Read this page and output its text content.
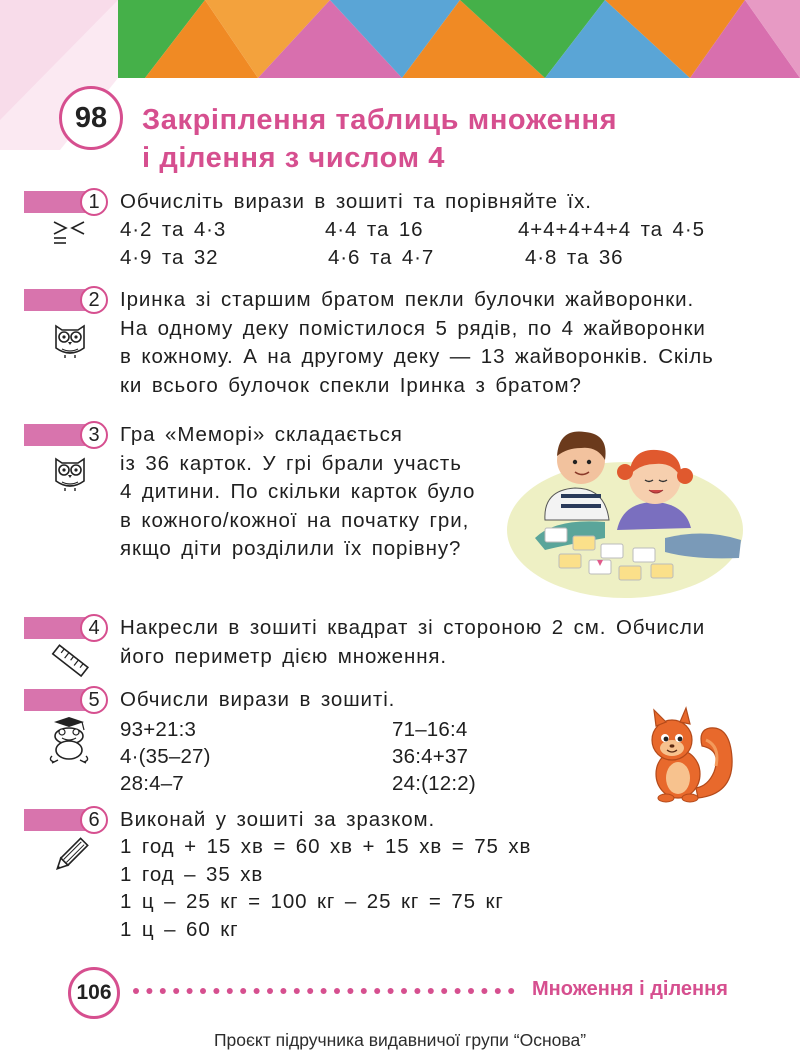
98	Закріплення таблиць множення
і ділення з числом 4
1 Обчисліть вирази в зошиті та порівняйте їх.
4·2 та 4·3	4·4 та 16	4+4+4+4+4 та 4·5
4·9 та 32	4·6 та 4·7	4·8 та 36
2 Іринка зі старшим братом пекли булочки жайворонки.
На одному деку помістилося 5 рядів, по 4 жайворонки
в кожному. А на другому деку — 13 жайворонків. Скіль
ки всього булочок спекли Іринка з братом?
3 Гра «Меморі» складається
із 36 карток. У грі брали участь
4 дитини. По скільки карток було
в кожного/кожної на початку гри,
якщо діти розділили їх порівну?
4 Накресли в зошиті квадрат зі стороною 2 см. Обчисли
його периметр дією множення.
5 Обчисли вирази в зошиті.
93+21:3	71–16:4
4·(35–27)	36:4+37
28:4–7	24:(12:2)
6 Виконай у зошиті за зразком.
1 год + 15 хв = 60 хв + 15 хв = 75 хв
1 год – 35 хв
1 ц – 25 кг = 100 кг – 25 кг = 75 кг
1 ц – 60 кг
106	Множення і ділення
Проєкт підручника видавничої групи “Основа”
